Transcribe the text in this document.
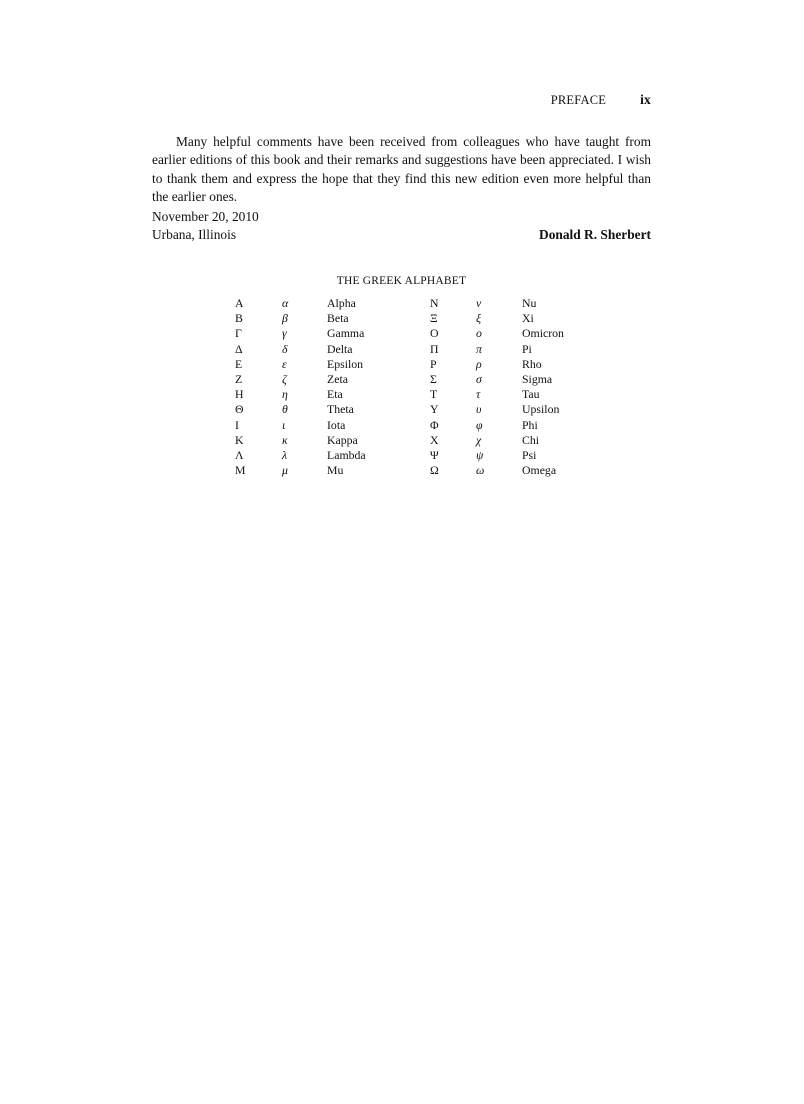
PREFACE	ix

Many helpful comments have been received from colleagues who have taught from earlier editions of this book and their remarks and suggestions have been appreciated. I wish to thank them and express the hope that they find this new edition even more helpful than the earlier ones.

November 20, 2010
Urbana, Illinois	Donald R. Sherbert
THE GREEK ALPHABET
A	α	Alpha	N	ν	Nu
B	β	Beta	Ξ	ξ	Xi
Γ	γ	Gamma	O	o	Omicron
Δ	δ	Delta	Π	π	Pi
E	ε	Epsilon	P	ρ	Rho
Z	ζ	Zeta	Σ	σ	Sigma
H	η	Eta	T	τ	Tau
Θ	θ	Theta	Y	υ	Upsilon
I	ι	Iota	Φ	φ	Phi
K	κ	Kappa	X	χ	Chi
Λ	λ	Lambda	Ψ	ψ	Psi
M	μ	Mu	Ω	ω	Omega
